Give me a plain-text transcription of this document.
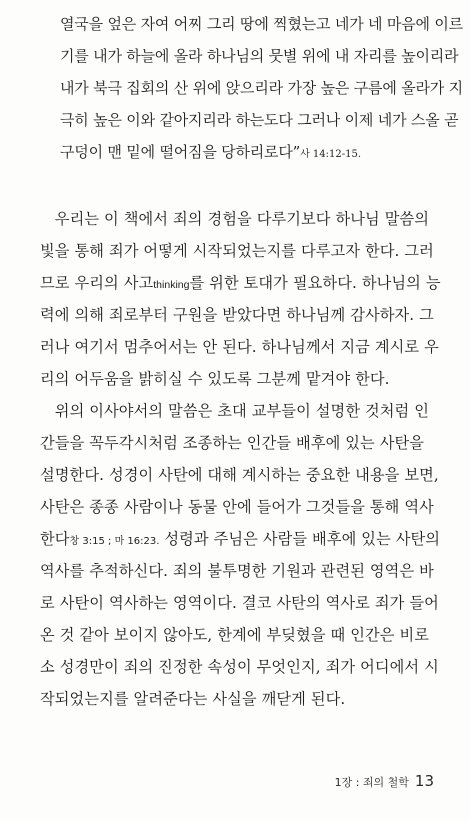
열국을 엎은 자여 어찌 그리 땅에 찍혔는고 네가 네 마음에 이르
기를 내가 하늘에 올라 하나님의 뭇별 위에 내 자리를 높이리라
내가 북극 집회의 산 위에 앉으리라 가장 높은 구름에 올라가 지
극히 높은 이와 같아지리라 하는도다 그러나 이제 네가 스올 곧
구덩이 맨 밑에 떨어짐을 당하리로다”사 14:12-15.
우리는 이 책에서 죄의 경험을 다루기보다 하나님 말씀의
빛을 통해 죄가 어떻게 시작되었는지를 다루고자 한다. 그러
므로 우리의 사고thinking를 위한 토대가 필요하다. 하나님의 능
력에 의해 죄로부터 구원을 받았다면 하나님께 감사하자. 그
러나 여기서 멈추어서는 안 된다. 하나님께서 지금 계시로 우
리의 어두움을 밝히실 수 있도록 그분께 맡겨야 한다.
위의 이사야서의 말씀은 초대 교부들이 설명한 것처럼 인
간들을 꼭두각시처럼 조종하는 인간들 배후에 있는 사탄을
설명한다. 성경이 사탄에 대해 계시하는 중요한 내용을 보면,
사탄은 종종 사람이나 동물 안에 들어가 그것들을 통해 역사
한다창 3:15 ; 마 16:23. 성령과 주님은 사람들 배후에 있는 사탄의
역사를 추적하신다. 죄의 불투명한 기원과 관련된 영역은 바
로 사탄이 역사하는 영역이다. 결코 사탄의 역사로 죄가 들어
온 것 같아 보이지 않아도, 한계에 부딪혔을 때 인간은 비로
소 성경만이 죄의 진정한 속성이 무엇인지, 죄가 어디에서 시
작되었는지를 알려준다는 사실을 깨닫게 된다.
1장 : 죄의 철학 13
